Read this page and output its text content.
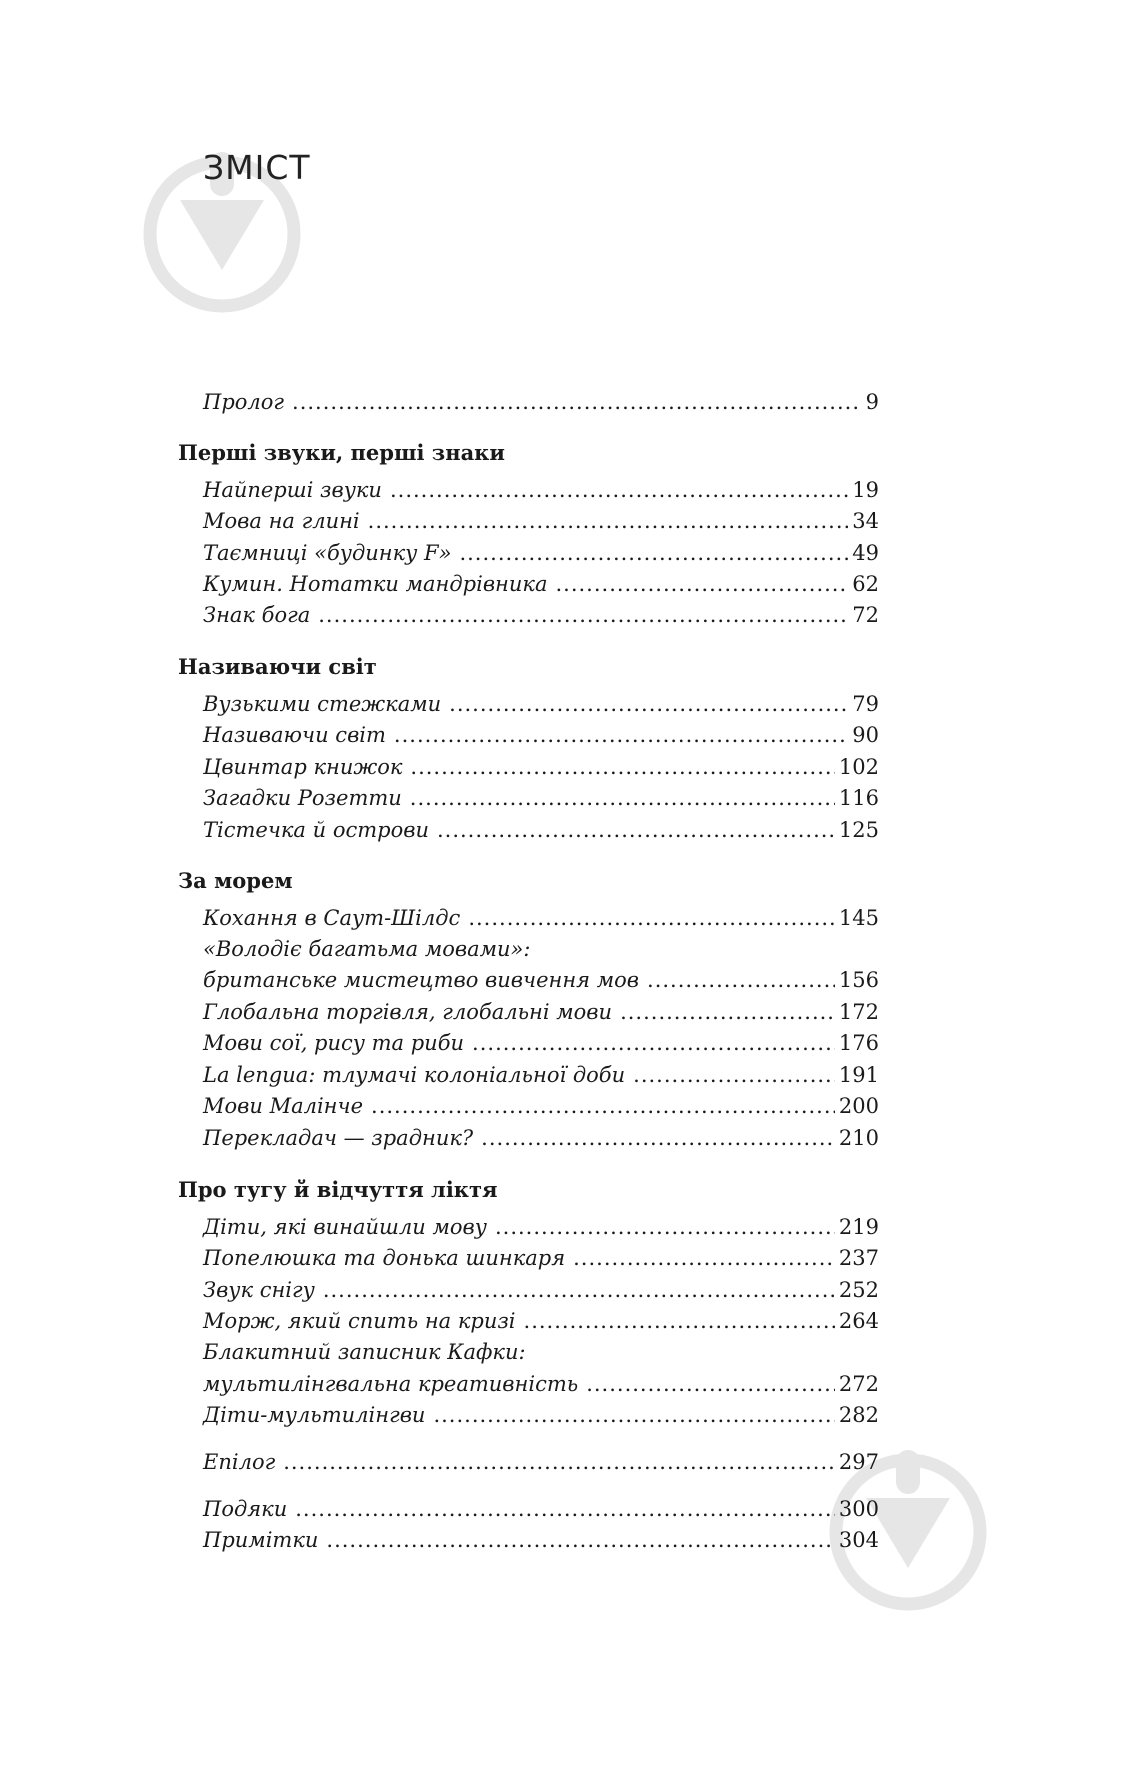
ЗМІСТ
Пролог .....	9
Перші звуки, перші знаки
Найперші звуки .....	19
Мова на глині .....	34
Таємниці «будинку F» .....	49
Кумин. Нотатки мандрівника .....	62
Знак бога .....	72
Називаючи світ
Вузькими стежками .....	79
Називаючи світ .....	90
Цвинтар книжок .....	102
Загадки Розетти .....	116
Тістечка й острови .....	125
За морем
Кохання в Саут-Шілдс .....	145
«Володіє багатьма мовами»:
британське мистецтво вивчення мов .....	156
Глобальна торгівля, глобальні мови .....	172
Мови сої, рису та риби .....	176
La lengua: тлумачі колоніальної доби .....	191
Мови Малінче .....	200
Перекладач — зрадник? .....	210
Про тугу й відчуття ліктя
Діти, які винайшли мову .....	219
Попелюшка та донька шинкаря .....	237
Звук снігу .....	252
Морж, який спить на кризі .....	264
Блакитний записник Кафки:
мультилінгвальна креативність .....	272
Діти-мультилінгви .....	282
Епілог .....	297
Подяки .....	300
Примітки .....	304
